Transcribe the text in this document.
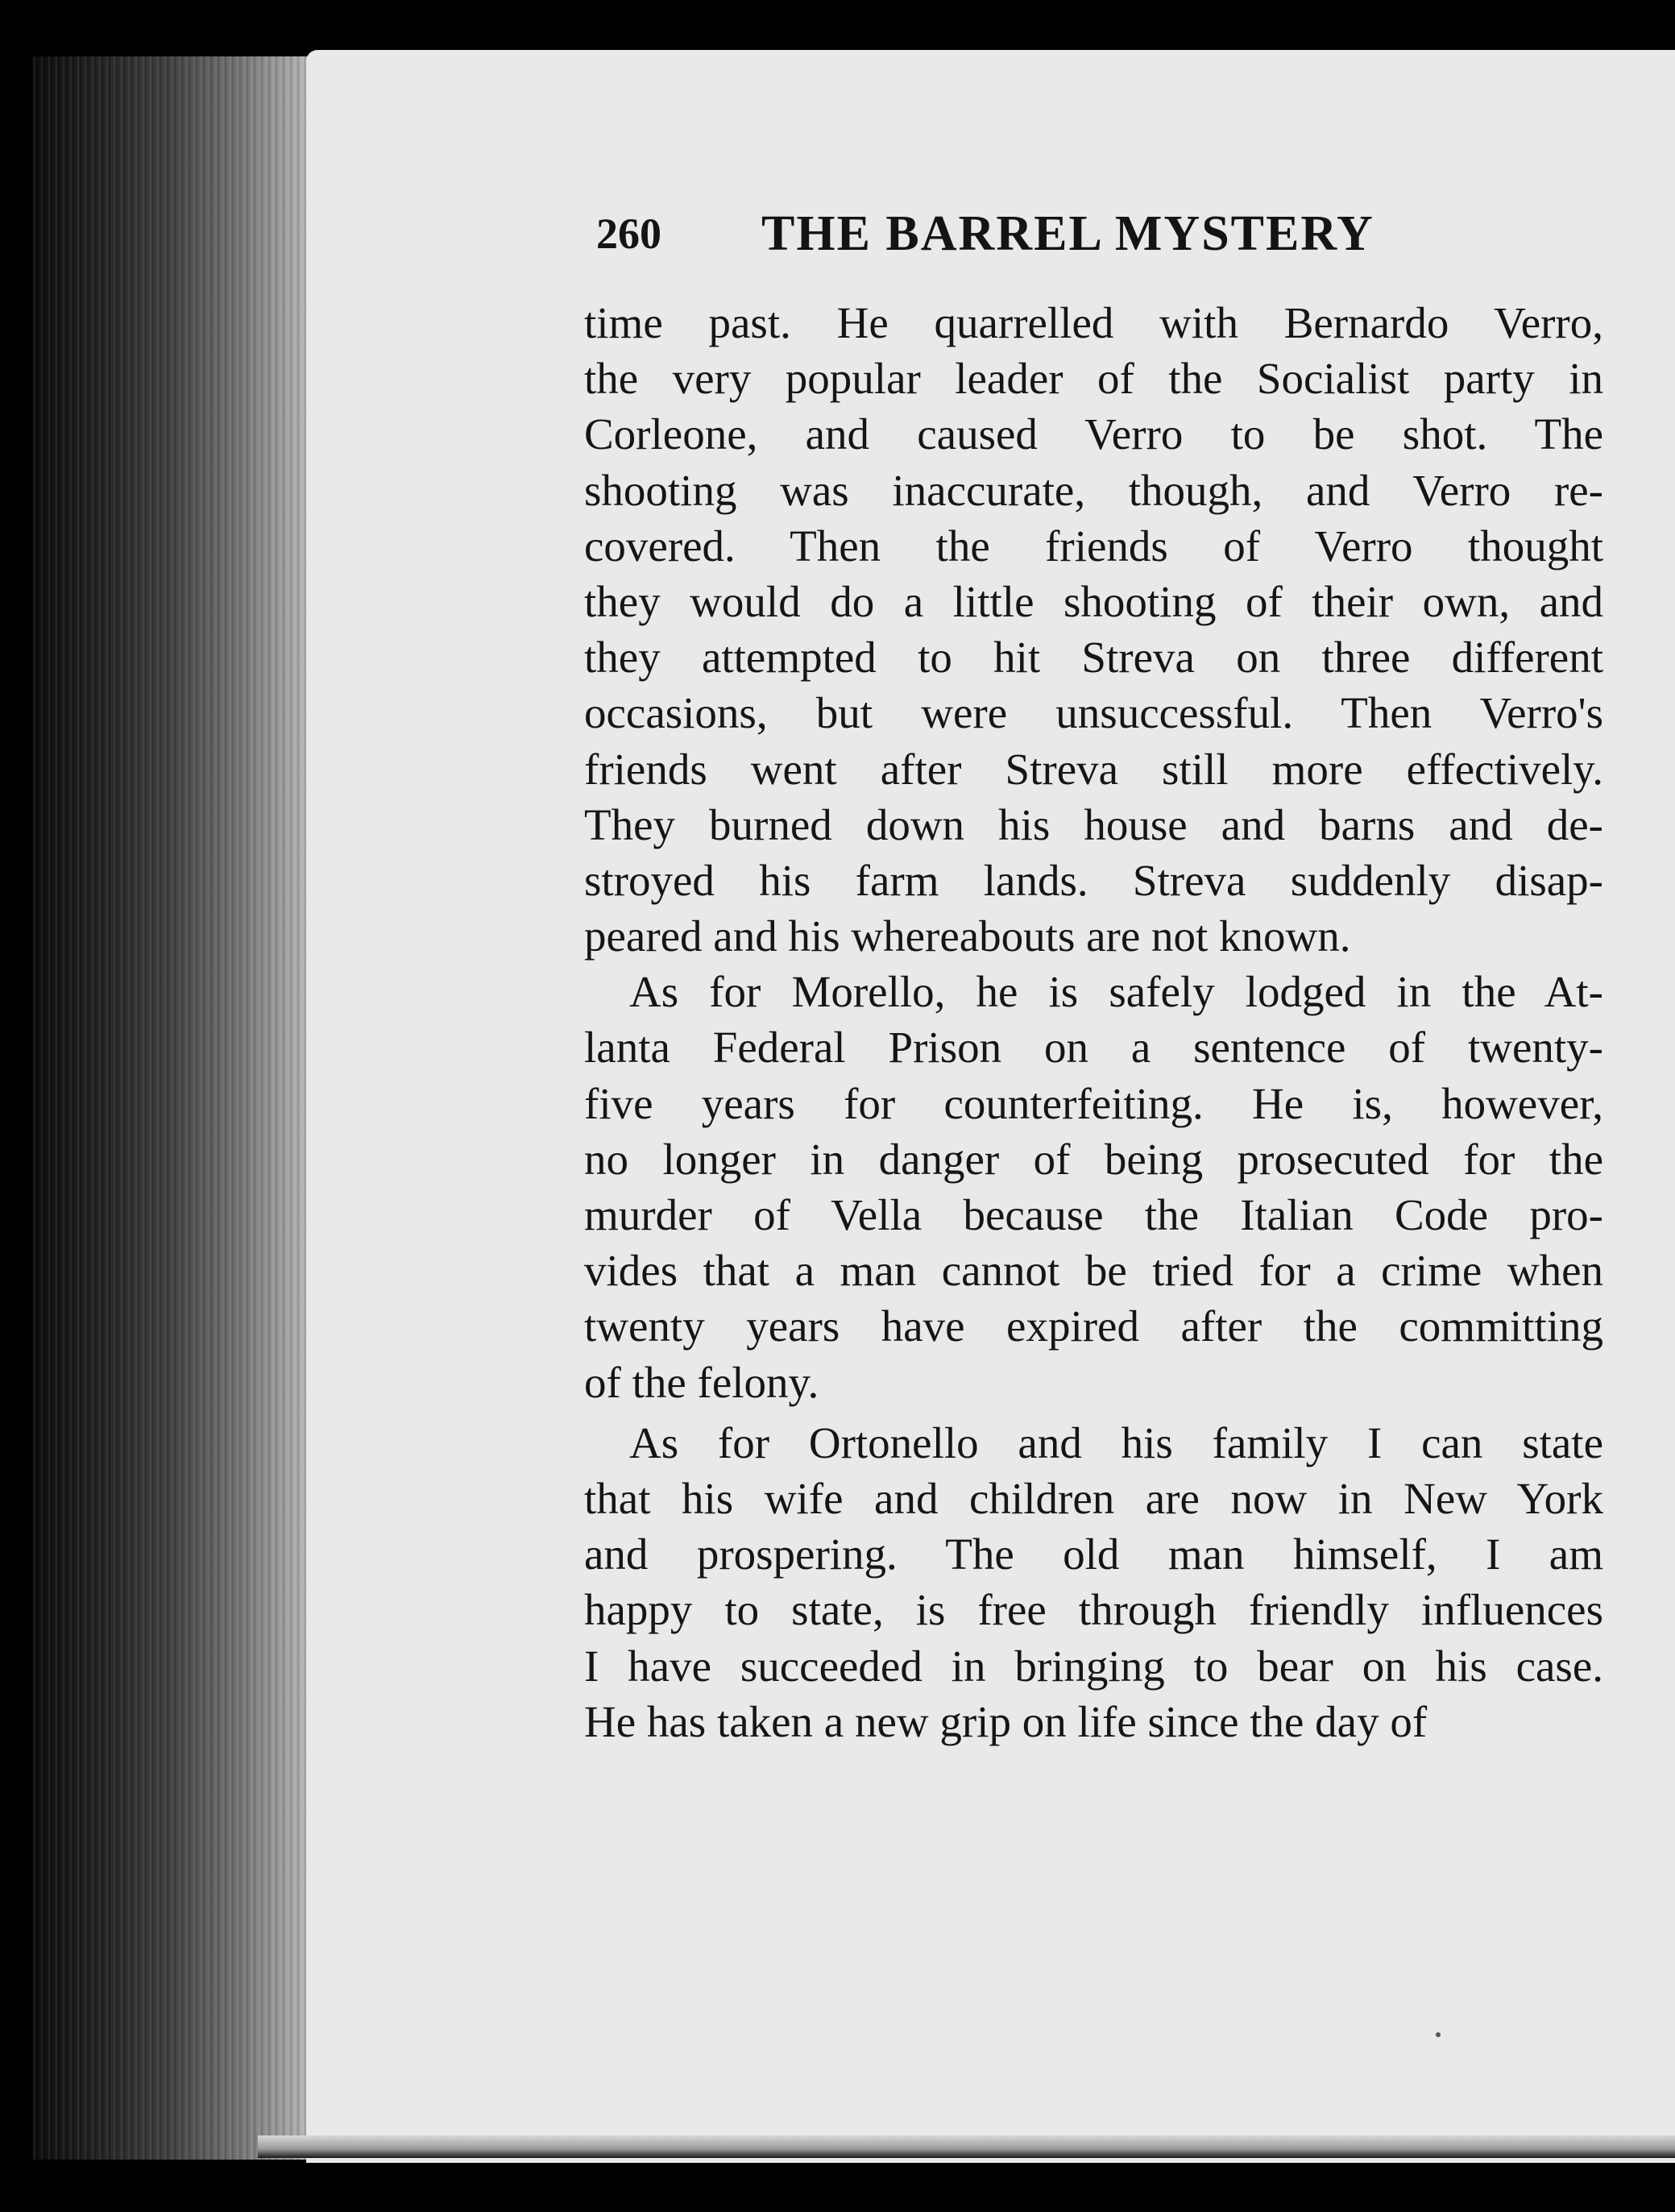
260 THE BARREL MYSTERY
time past. He quarrelled with Bernardo Verro,
the very popular leader of the Socialist party in
Corleone, and caused Verro to be shot. The
shooting was inaccurate, though, and Verro re-
covered. Then the friends of Verro thought
they would do a little shooting of their own, and
they attempted to hit Streva on three different
occasions, but were unsuccessful. Then Verro's
friends went after Streva still more effectively.
They burned down his house and barns and de-
stroyed his farm lands. Streva suddenly disap-
peared and his whereabouts are not known.
As for Morello, he is safely lodged in the At-
lanta Federal Prison on a sentence of twenty-
five years for counterfeiting. He is, however,
no longer in danger of being prosecuted for the
murder of Vella because the Italian Code pro-
vides that a man cannot be tried for a crime when
twenty years have expired after the committing
of the felony.
As for Ortonello and his family I can state
that his wife and children are now in New York
and prospering. The old man himself, I am
happy to state, is free through friendly influences
I have succeeded in bringing to bear on his case.
He has taken a new grip on life since the day of
